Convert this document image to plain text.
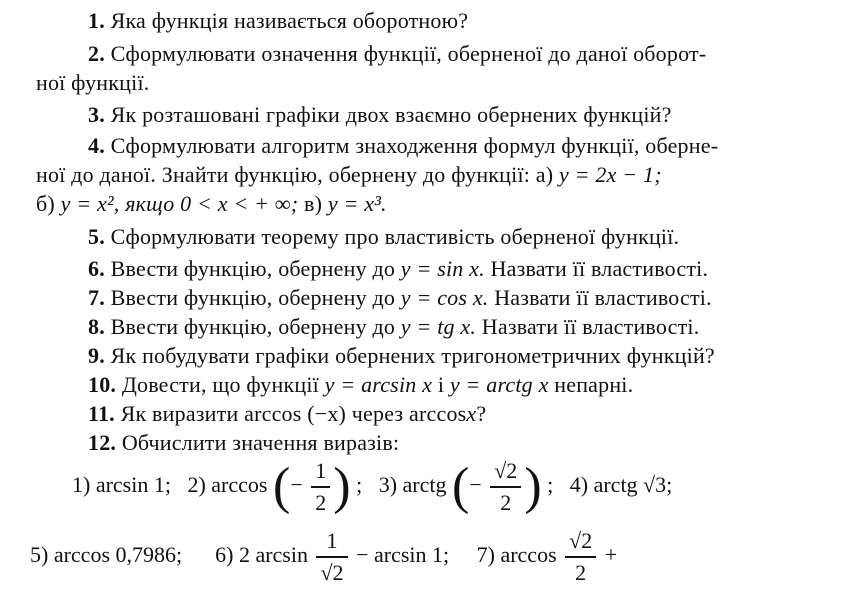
1. Яка функція називається оборотною?
2. Сформулювати означення функції, оберненої до даної оборот-
ної функції.
3. Як розташовані графіки двох взаємно обернених функцій?
4. Сформулювати алгоритм знаходження формул функції, оберне-
ної до даної. Знайти функцію, обернену до функції: а) y = 2x − 1;
б) y = x², якщо 0 < x < + ∞; в) y = x³.
5. Сформулювати теорему про властивість оберненої функції.
6. Ввести функцію, обернену до y = sin x. Назвати її властивості.
7. Ввести функцію, обернену до y = cos x. Назвати її властивості.
8. Ввести функцію, обернену до y = tg x. Назвати її властивості.
9. Як побудувати графіки обернених тригонометричних функцій?
10. Довести, що функції y = arcsin x і y = arctg x непарні.
11. Як виразити arccos (−x) через arccosx?
12. Обчислити значення виразів:
1) arcsin 1; 2) arccos (− $\frac{1}{2}$ ) ; 3) arctg (− $\frac{√2}{2}$ ) ; 4) arctg √3;
5) arccos 0,7986; 6) 2 $\arcsin \frac{1}{√2} - \arcsin 1$; 7) $\arccos \frac{√2}{2}$ +
